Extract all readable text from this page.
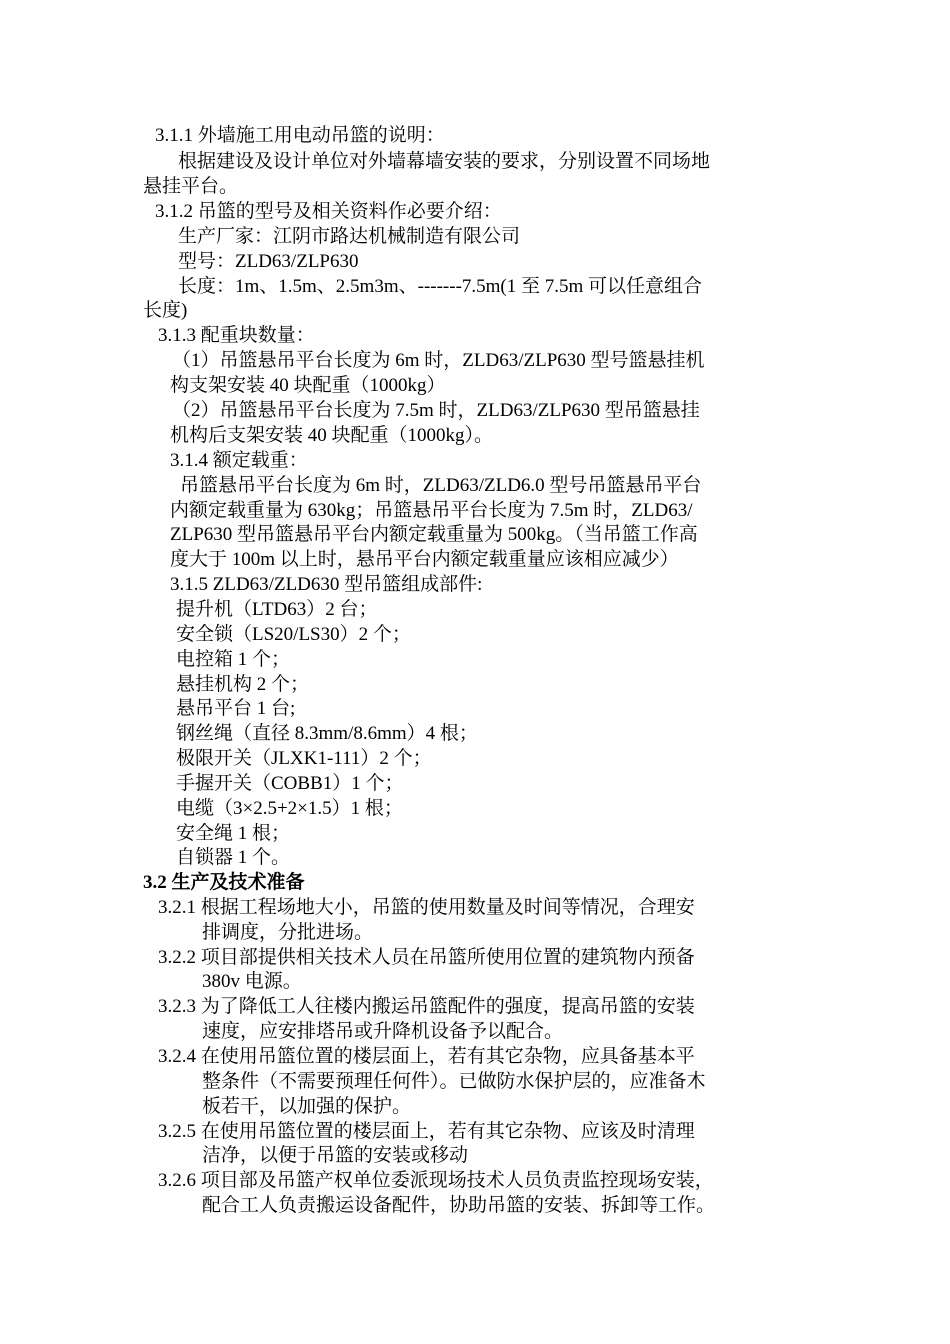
3.1.1 外墙施工用电动吊篮的说明：
根据建设及设计单位对外墙幕墙安装的要求，分别设置不同场地
悬挂平台。
3.1.2 吊篮的型号及相关资料作必要介绍：
生产厂家：江阴市路达机械制造有限公司
型号：ZLD63/ZLP630
长度：1m、1.5m、2.5m3m、-------7.5m(1 至 7.5m 可以任意组合
长度)
3.1.3 配重块数量：
（1）吊篮悬吊平台长度为 6m 时，ZLD63/ZLP630 型号篮悬挂机
构支架安装 40 块配重（1000kg）
（2）吊篮悬吊平台长度为 7.5m 时，ZLD63/ZLP630 型吊篮悬挂
机构后支架安装 40 块配重（1000kg）。
3.1.4 额定载重：
吊篮悬吊平台长度为 6m 时，ZLD63/ZLD6.0 型号吊篮悬吊平台
内额定载重量为 630kg；吊篮悬吊平台长度为 7.5m 时，ZLD63/
ZLP630 型吊篮悬吊平台内额定载重量为 500kg。（当吊篮工作高
度大于 100m 以上时，悬吊平台内额定载重量应该相应减少）
3.1.5 ZLD63/ZLD630 型吊篮组成部件:
提升机（LTD63）2 台；
安全锁（LS20/LS30）2 个；
电控箱 1 个；
悬挂机构 2 个；
悬吊平台 1 台;
钢丝绳（直径 8.3mm/8.6mm）4 根；
极限开关（JLXK1-111）2 个；
手握开关（COBB1）1 个；
电缆（3×2.5+2×1.5）1 根；
安全绳 1 根；
自锁器 1 个。
3.2 生产及技术准备
3.2.1 根据工程场地大小，吊篮的使用数量及时间等情况，合理安
排调度，分批进场。
3.2.2 项目部提供相关技术人员在吊篮所使用位置的建筑物内预备
380v 电源。
3.2.3 为了降低工人往楼内搬运吊篮配件的强度，提高吊篮的安装
速度，应安排塔吊或升降机设备予以配合。
3.2.4 在使用吊篮位置的楼层面上，若有其它杂物，应具备基本平
整条件（不需要预理任何件）。已做防水保护层的，应准备木
板若干，以加强的保护。
3.2.5 在使用吊篮位置的楼层面上，若有其它杂物、应该及时清理
洁净，以便于吊篮的安装或移动
3.2.6 项目部及吊篮产权单位委派现场技术人员负责监控现场安装，
配合工人负责搬运设备配件，协助吊篮的安装、拆卸等工作。
